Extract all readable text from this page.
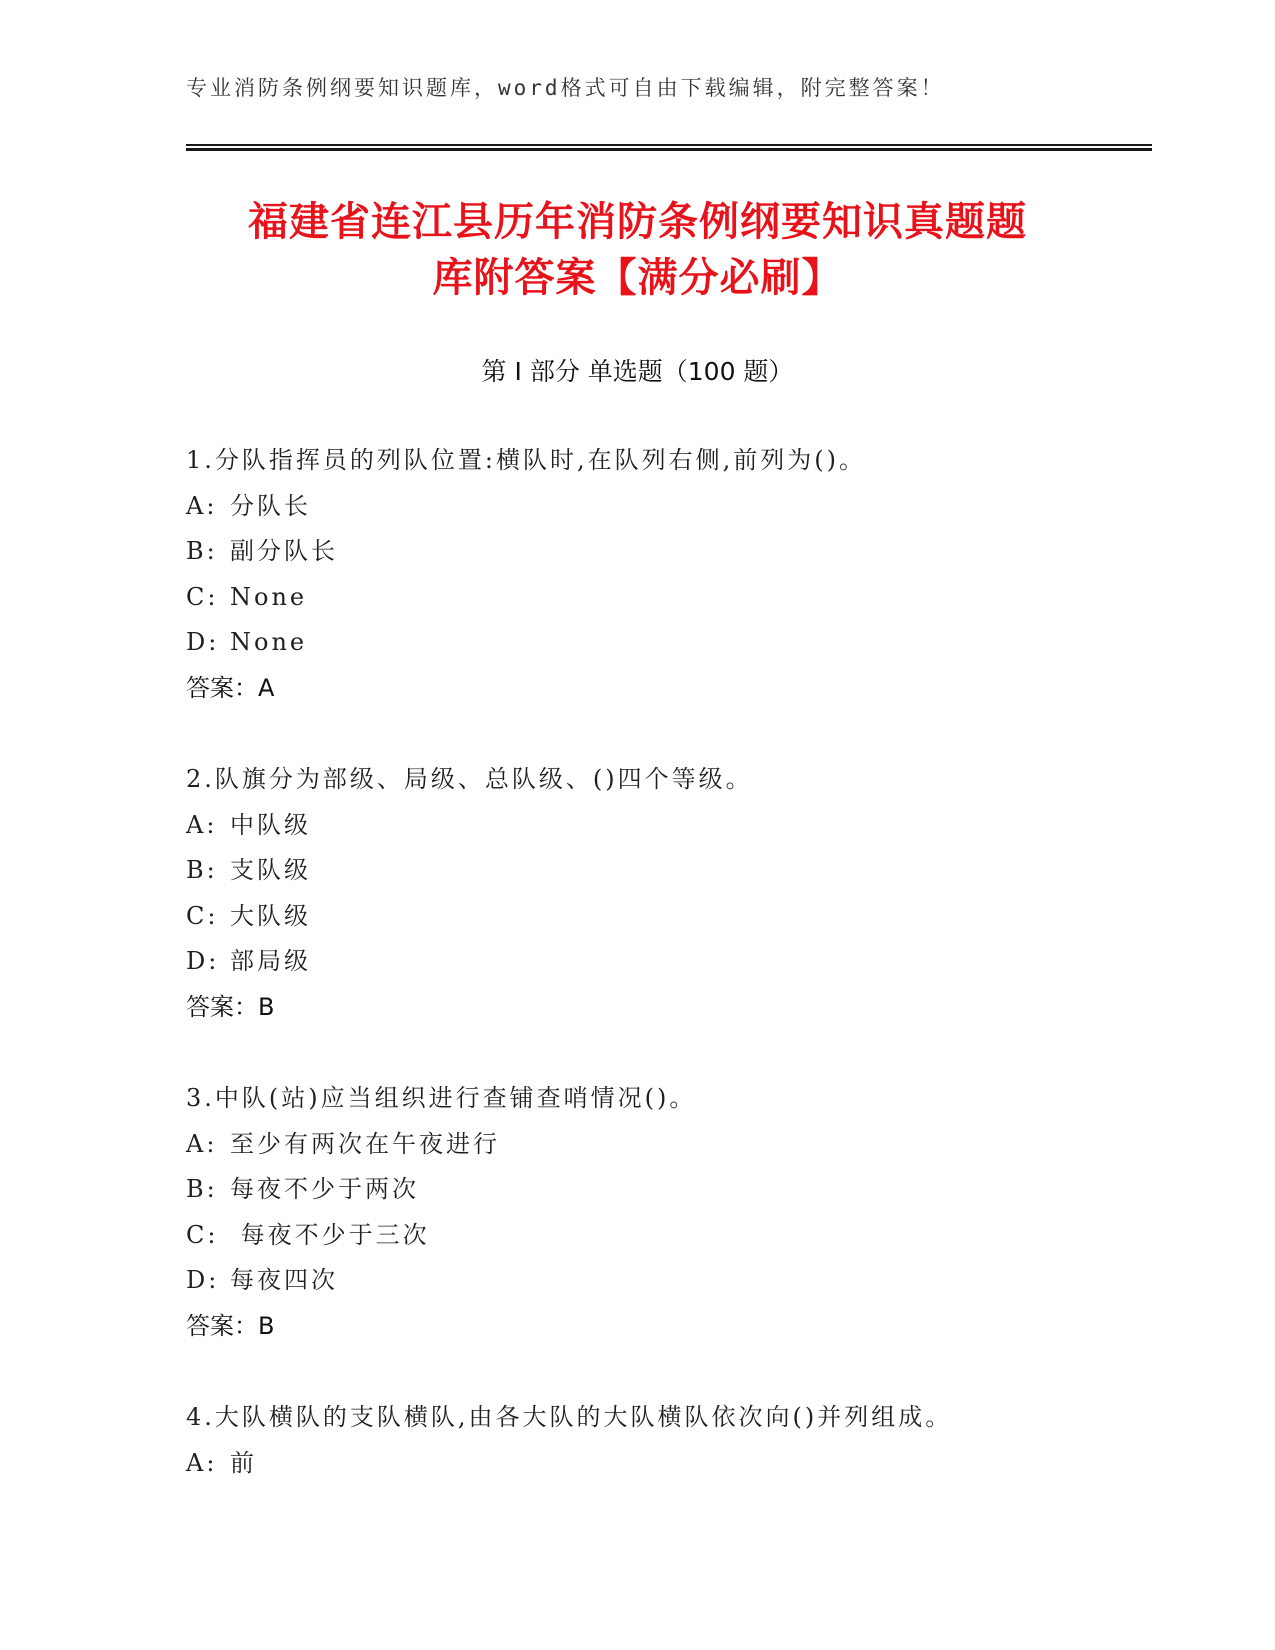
专业消防条例纲要知识题库，word格式可自由下载编辑，附完整答案！
福建省连江县历年消防条例纲要知识真题题
库附答案【满分必刷】
第 I 部分 单选题（100 题）
1.分队指挥员的列队位置:横队时,在队列右侧,前列为()。
A: 分队长
B: 副分队长
C: None
D: None
答案：A
2.队旗分为部级、局级、总队级、()四个等级。
A: 中队级
B: 支队级
C: 大队级
D: 部局级
答案：B
3.中队(站)应当组织进行查铺查哨情况()。
A: 至少有两次在午夜进行
B: 每夜不少于两次
C: 每夜不少于三次
D: 每夜四次
答案：B
4.大队横队的支队横队,由各大队的大队横队依次向()并列组成。
A: 前
